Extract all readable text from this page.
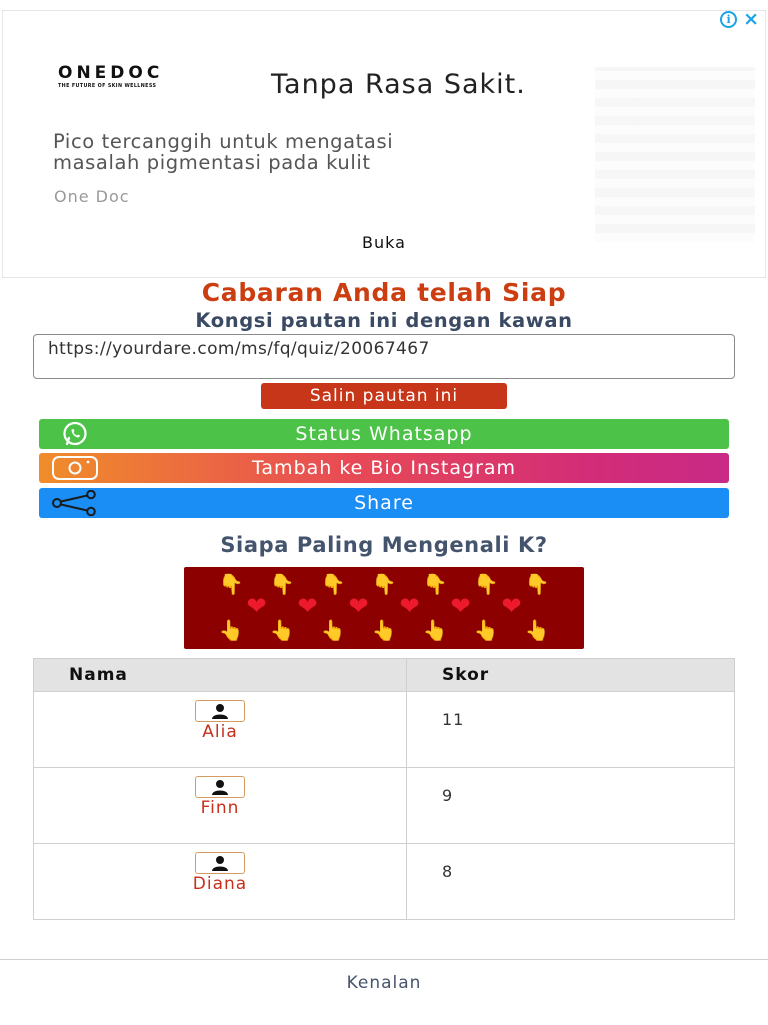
i ×
ONEDOC
THE FUTURE OF SKIN WELLNESS	Tanpa Rasa Sakit.
Pico tercanggih untuk mengatasi
masalah pigmentasi pada kulit
One Doc
Buka
Cabaran Anda telah Siap
Kongsi pautan ini dengan kawan
https://yourdare.com/ms/fq/quiz/20067467
Salin pautan ini
Status Whatsapp
Tambah ke Bio Instagram
Share
Siapa Paling Mengenali K?
👇	👇	👇	👇	👇	👇	👇
❤	❤	❤	❤	❤	❤
👆	👆	👆	👆	👆	👆	👆
Nama	Skor

Alia	11

Finn	9

Diana	8
Kenalan
